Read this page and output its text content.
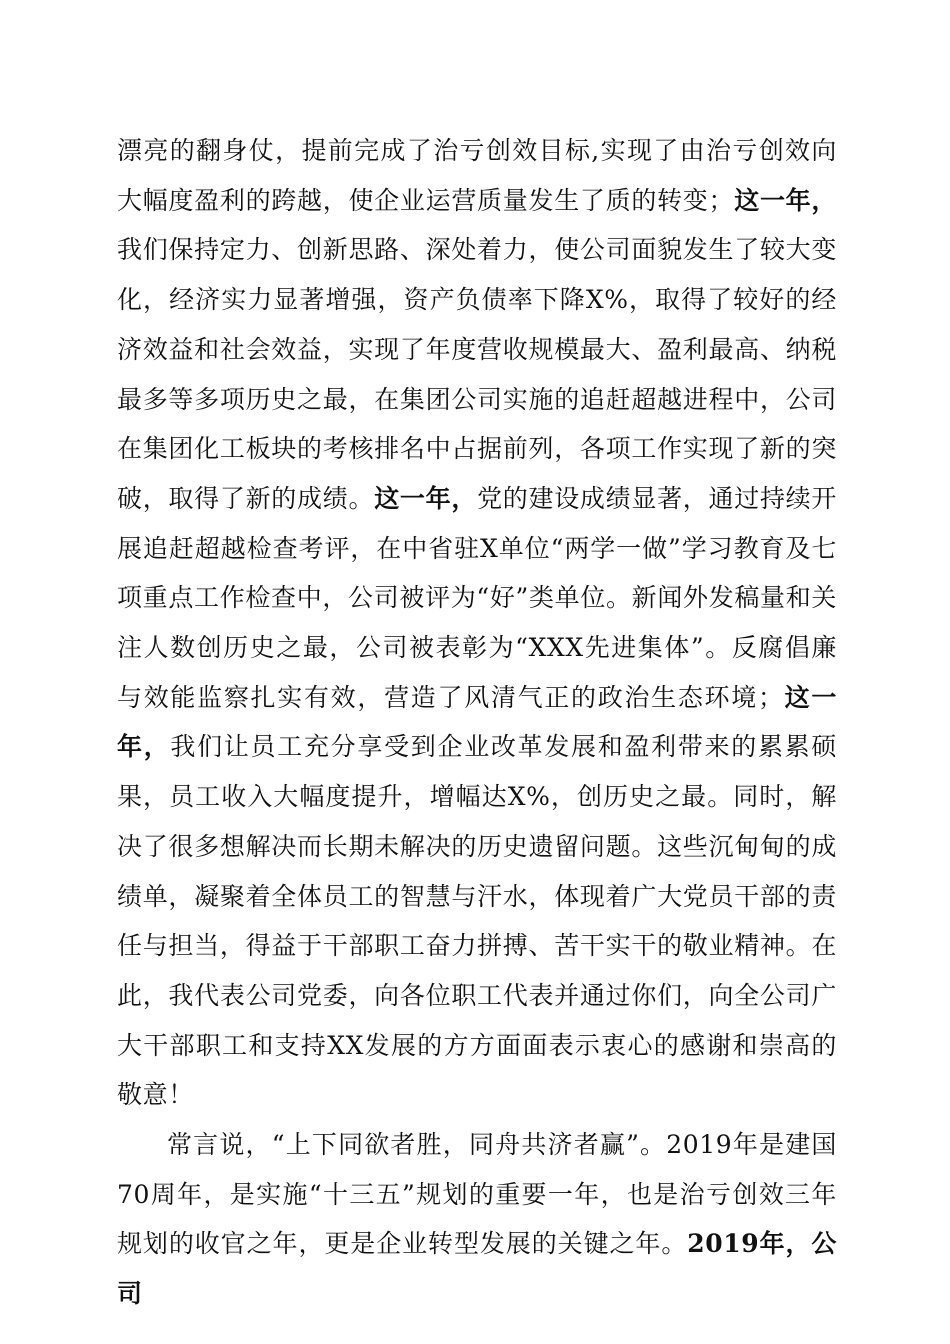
漂亮的翻身仗，提前完成了治亏创效目标,实现了由治亏创效向大幅度盈利的跨越，使企业运营质量发生了质的转变；这一年，我们保持定力、创新思路、深处着力，使公司面貌发生了较大变化，经济实力显著增强，资产负债率下降X%，取得了较好的经济效益和社会效益，实现了年度营收规模最大、盈利最高、纳税最多等多项历史之最，在集团公司实施的追赶超越进程中，公司在集团化工板块的考核排名中占据前列，各项工作实现了新的突破，取得了新的成绩。这一年，党的建设成绩显著，通过持续开展追赶超越检查考评，在中省驻X单位“两学一做”学习教育及七项重点工作检查中，公司被评为“好”类单位。新闻外发稿量和关注人数创历史之最，公司被表彰为“XXX先进集体”。反腐倡廉与效能监察扎实有效，营造了风清气正的政治生态环境；这一年，我们让员工充分享受到企业改革发展和盈利带来的累累硕果，员工收入大幅度提升，增幅达X%，创历史之最。同时，解决了很多想解决而长期未解决的历史遗留问题。这些沉甸甸的成绩单，凝聚着全体员工的智慧与汗水，体现着广大党员干部的责任与担当，得益于干部职工奋力拼搏、苦干实干的敬业精神。在此，我代表公司党委，向各位职工代表并通过你们，向全公司广大干部职工和支持XX发展的方方面面表示衷心的感谢和崇高的敬意！

常言说，“上下同欲者胜，同舟共济者赢”。2019年是建国70周年，是实施“十三五”规划的重要一年，也是治亏创效三年规划的收官之年，更是企业转型发展的关键之年。2019年，公司
